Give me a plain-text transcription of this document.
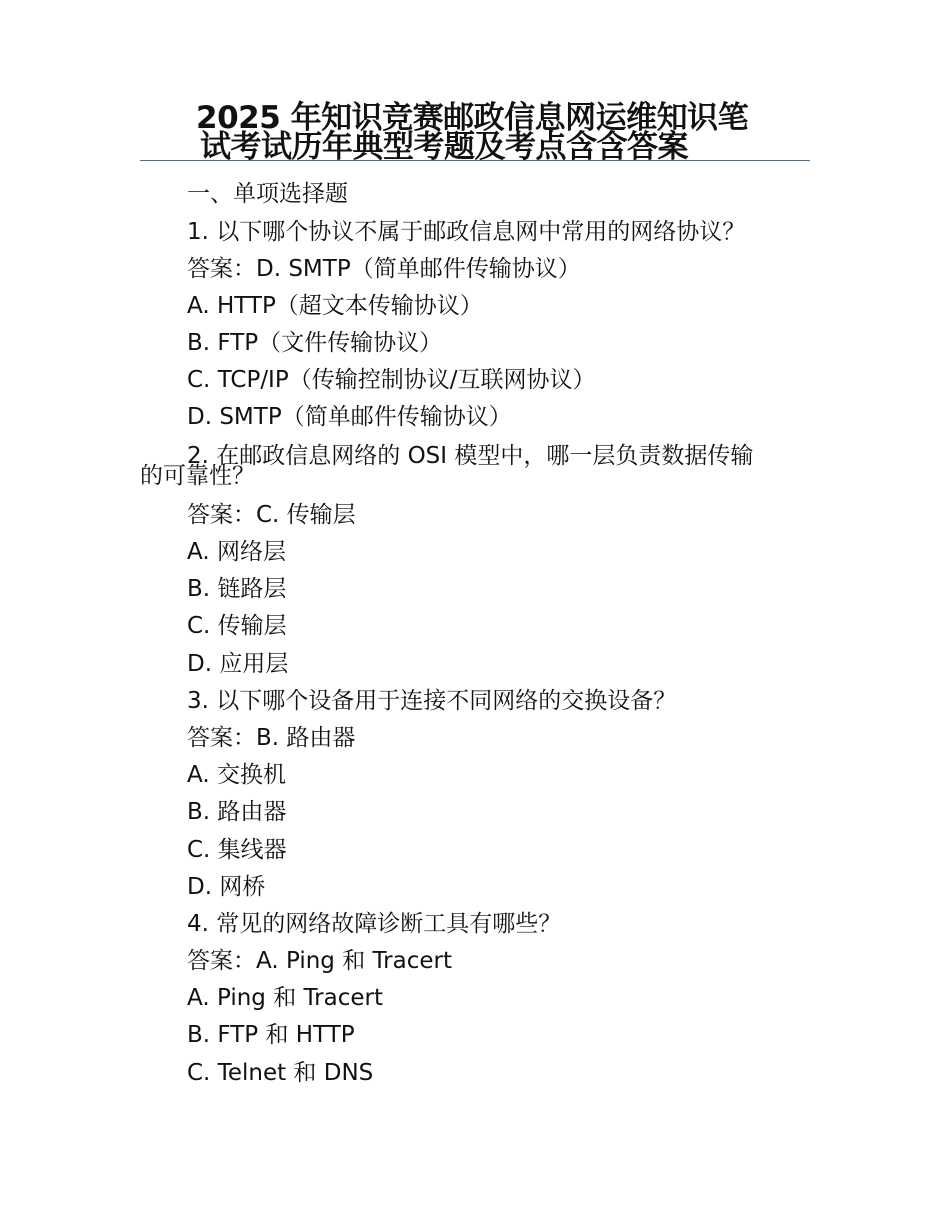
2025 年知识竞赛邮政信息网运维知识笔
试考试历年典型考题及考点含含答案

一、单项选择题

1. 以下哪个协议不属于邮政信息网中常用的网络协议？

答案：D. SMTP（简单邮件传输协议）

A. HTTP（超文本传输协议）

B. FTP（文件传输协议）

C. TCP/IP（传输控制协议/互联网协议）

D. SMTP（简单邮件传输协议）

2. 在邮政信息网络的 OSI 模型中，哪一层负责数据传输
的可靠性？

答案：C. 传输层

A. 网络层

B. 链路层

C. 传输层

D. 应用层

3. 以下哪个设备用于连接不同网络的交换设备？

答案：B. 路由器

A. 交换机

B. 路由器

C. 集线器

D. 网桥

4. 常见的网络故障诊断工具有哪些？

答案：A. Ping 和 Tracert

A. Ping 和 Tracert

B. FTP 和 HTTP

C. Telnet 和 DNS
